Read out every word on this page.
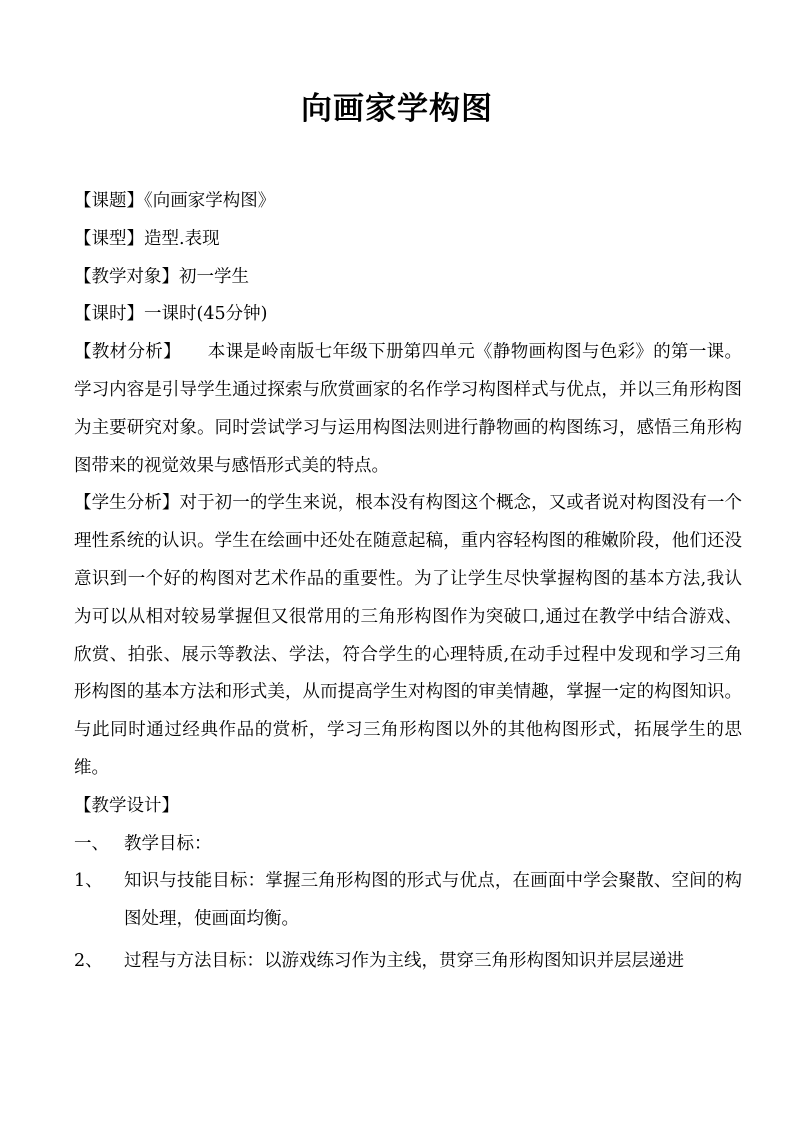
向画家学构图

【课题】《向画家学构图》

【课型】造型.表现

【教学对象】初一学生

【课时】一课时(45分钟)

【教材分析】　　本课是岭南版七年级下册第四单元《静物画构图与色彩》的第一课。学习内容是引导学生通过探索与欣赏画家的名作学习构图样式与优点，并以三角形构图为主要研究对象。同时尝试学习与运用构图法则进行静物画的构图练习，感悟三角形构图带来的视觉效果与感悟形式美的特点。

【学生分析】对于初一的学生来说，根本没有构图这个概念，又或者说对构图没有一个理性系统的认识。学生在绘画中还处在随意起稿，重内容轻构图的稚嫩阶段，他们还没意识到一个好的构图对艺术作品的重要性。为了让学生尽快掌握构图的基本方法,我认为可以从相对较易掌握但又很常用的三角形构图作为突破口,通过在教学中结合游戏、欣赏、拍张、展示等教法、学法，符合学生的心理特质,在动手过程中发现和学习三角形构图的基本方法和形式美，从而提高学生对构图的审美情趣，掌握一定的构图知识。与此同时通过经典作品的赏析，学习三角形构图以外的其他构图形式，拓展学生的思维。

【教学设计】

一、 教学目标：
1、	知识与技能目标：掌握三角形构图的形式与优点，在画面中学会聚散、空间的构图处理，使画面均衡。
2、	过程与方法目标：以游戏练习作为主线，贯穿三角形构图知识并层层递进
